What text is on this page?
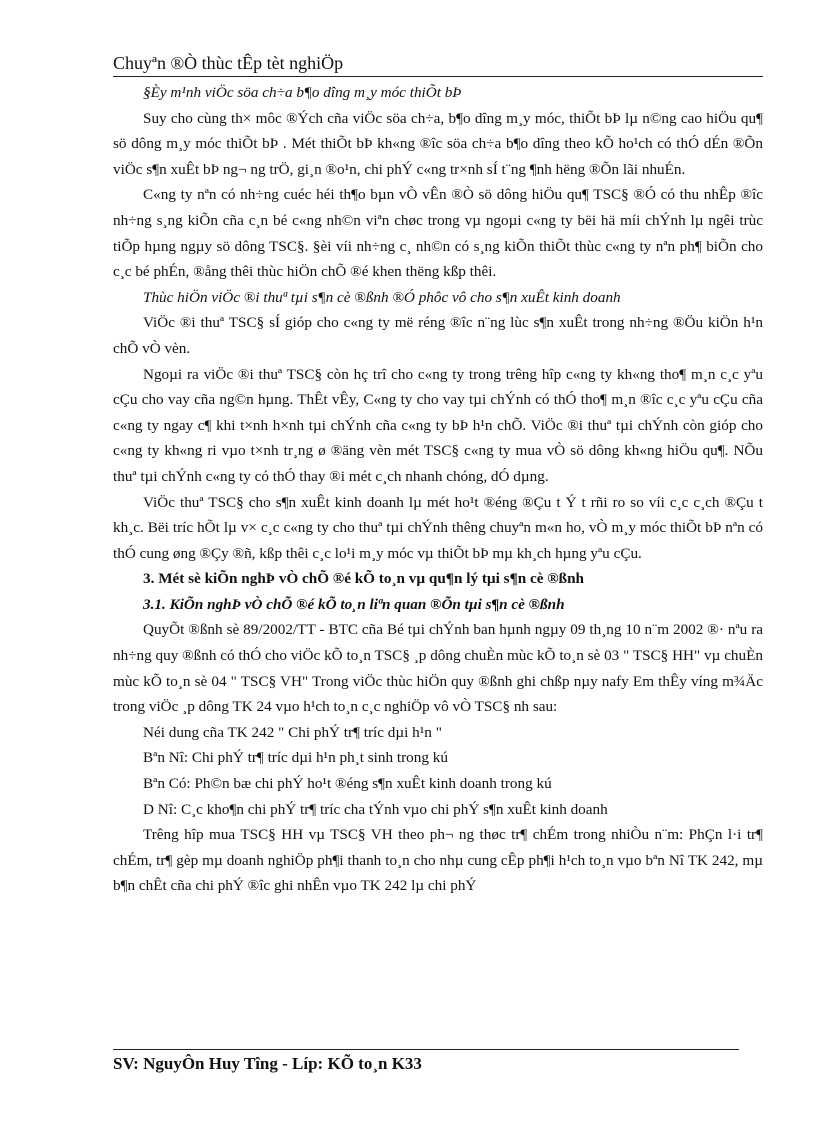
Chuyªn ®Ò thùc tÊp tèt nghiÖp

§Èy m¹nh viÖc söa ch÷a b¶o dîng m¸y móc thiÕt bÞ

Suy cho cùng th× môc ®Ých cña viÖc söa ch÷a, b¶o dîng m¸y móc, thiÕt bÞ lµ n©ng cao hiÖu qu¶ sö dông m¸y móc thiÕt bÞ . Mét thiÕt bÞ kh«ng ®îc söa ch÷a b¶o dîng theo kÕ ho¹ch có thÓ dÉn ®Õn viÖc s¶n xuÊt bÞ ng¬ ng trÖ, gi¸n ®o¹n, chi phÝ c«ng tr×nh sÍ t¨ng ¶nh hëng ®Õn lãi nhuÉn.

C«ng ty nªn có nh÷ng cuéc héi th¶o bµn vÒ vÊn ®Ò sö dông hiÖu qu¶ TSC§ ®Ó có thu nhÊp ®îc nh÷ng s¸ng kiÕn cña c¸n bé c«ng nh©n viªn chøc trong vµ ngoµi c«ng ty bëi hä míi chÝnh lµ ngêi trùc tiÕp hµng ngµy sö dông TSC§. §èi víi nh÷ng c¸ nh©n có s¸ng kiÕn thiÕt thùc c«ng ty nªn ph¶ biÕn cho c¸c bé phÉn, ®ång thêi thùc hiÖn chÕ ®é khen thëng kßp thêi.

Thùc hiÖn viÖc ®i thuª tµi s¶n cè ®ßnh ®Ó phôc vô cho s¶n xuÊt kinh doanh

ViÖc ®i thuª TSC§ sÍ gióp cho c«ng ty më réng ®îc n¨ng lùc s¶n xuÊt trong nh÷ng ®Öu kiÖn h¹n chÕ vÒ vèn.

Ngoµi ra viÖc ®i thuª TSC§ còn hç trî cho c«ng ty trong trêng hîp c«ng ty kh«ng tho¶ m¸n c¸c yªu cÇu cho vay cña ng©n hµng. ThÊt vÊy, C«ng ty cho vay tµi chÝnh có thÓ tho¶ m¸n ®îc c¸c yªu cÇu cña c«ng ty ngay c¶ khi t×nh h×nh tµi chÝnh cña c«ng ty bÞ h¹n chÕ. ViÖc ®i thuª tµi chÝnh còn gióp cho c«ng ty kh«ng ri vµo t×nh tr¸ng ø ®äng vèn mét TSC§ c«ng ty mua vÒ sö dông kh«ng hiÖu qu¶. NÕu thuª tµi chÝnh c«ng ty có thÓ thay ®i mét c¸ch nhanh chóng, dÓ dµng.

ViÖc thuª TSC§ cho s¶n xuÊt kinh doanh lµ mét ho¹t ®éng ®Çu t Ý t rñi ro so víi c¸c c¸ch ®Çu t kh¸c. Bëi tríc hÕt lµ v× c¸c c«ng ty cho thuª tµi chÝnh thêng chuyªn m«n ho, vÒ m¸y móc thiÕt bÞ nªn có thÓ cung øng ®Çy ®ñ, kßp thêi c¸c lo¹i m¸y móc vµ thiÕt bÞ mµ kh¸ch hµng yªu cÇu.

3. Mét sè kiÕn nghÞ vÒ chÕ ®é kÕ to¸n vµ qu¶n lý tµi s¶n cè ®ßnh

3.1. KiÕn nghÞ vÒ chÕ ®é kÕ to¸n liªn quan ®Õn tµi s¶n cè ®ßnh

QuyÕt ®ßnh sè 89/2002/TT - BTC cña Bé tµi chÝnh ban hµnh ngµy 09 th¸ng 10 n¨m 2002 ®· nªu ra nh÷ng quy ®ßnh có thÓ cho viÖc kÕ to¸n TSC§ ¸p dông chuÈn mùc kÕ to¸n sè 03 " TSC§ HH" vµ chuÈn mùc kÕ to¸n sè 04 " TSC§ VH" Trong viÖc thùc hiÖn quy ®ßnh ghi chßp nµy nafy Em thÊy víng m¾Äc trong viÖc ¸p dông TK 24 vµo h¹ch to¸n c¸c nghiÖp vô vÒ TSC§ nh sau:

Néi dung cña TK 242 " Chi phÝ tr¶ tríc dµi h¹n "

Bªn Nî: Chi phÝ tr¶ tríc dµi h¹n ph¸t sinh trong kú

Bªn Có: Ph©n bæ chi phÝ ho¹t ®éng s¶n xuÊt kinh doanh trong kú

D Nî: C¸c kho¶n chi phÝ tr¶ tríc cha tÝnh vµo chi phÝ s¶n xuÊt kinh doanh

Trêng hîp mua TSC§ HH vµ TSC§ VH theo ph¬ ng thøc tr¶ chÉm trong nhiÒu n¨m: PhÇn l·i tr¶ chÉm, tr¶ gèp mµ doanh nghiÖp ph¶i thanh to¸n cho nhµ cung cÊp ph¶i h¹ch to¸n vµo bªn Nî TK 242, mµ b¶n chÊt cña chi phÝ ®îc ghi nhÊn vµo TK 242 lµ chi phÝ

SV: NguyÔn Huy Tîng - Líp: KÕ to¸n K33
